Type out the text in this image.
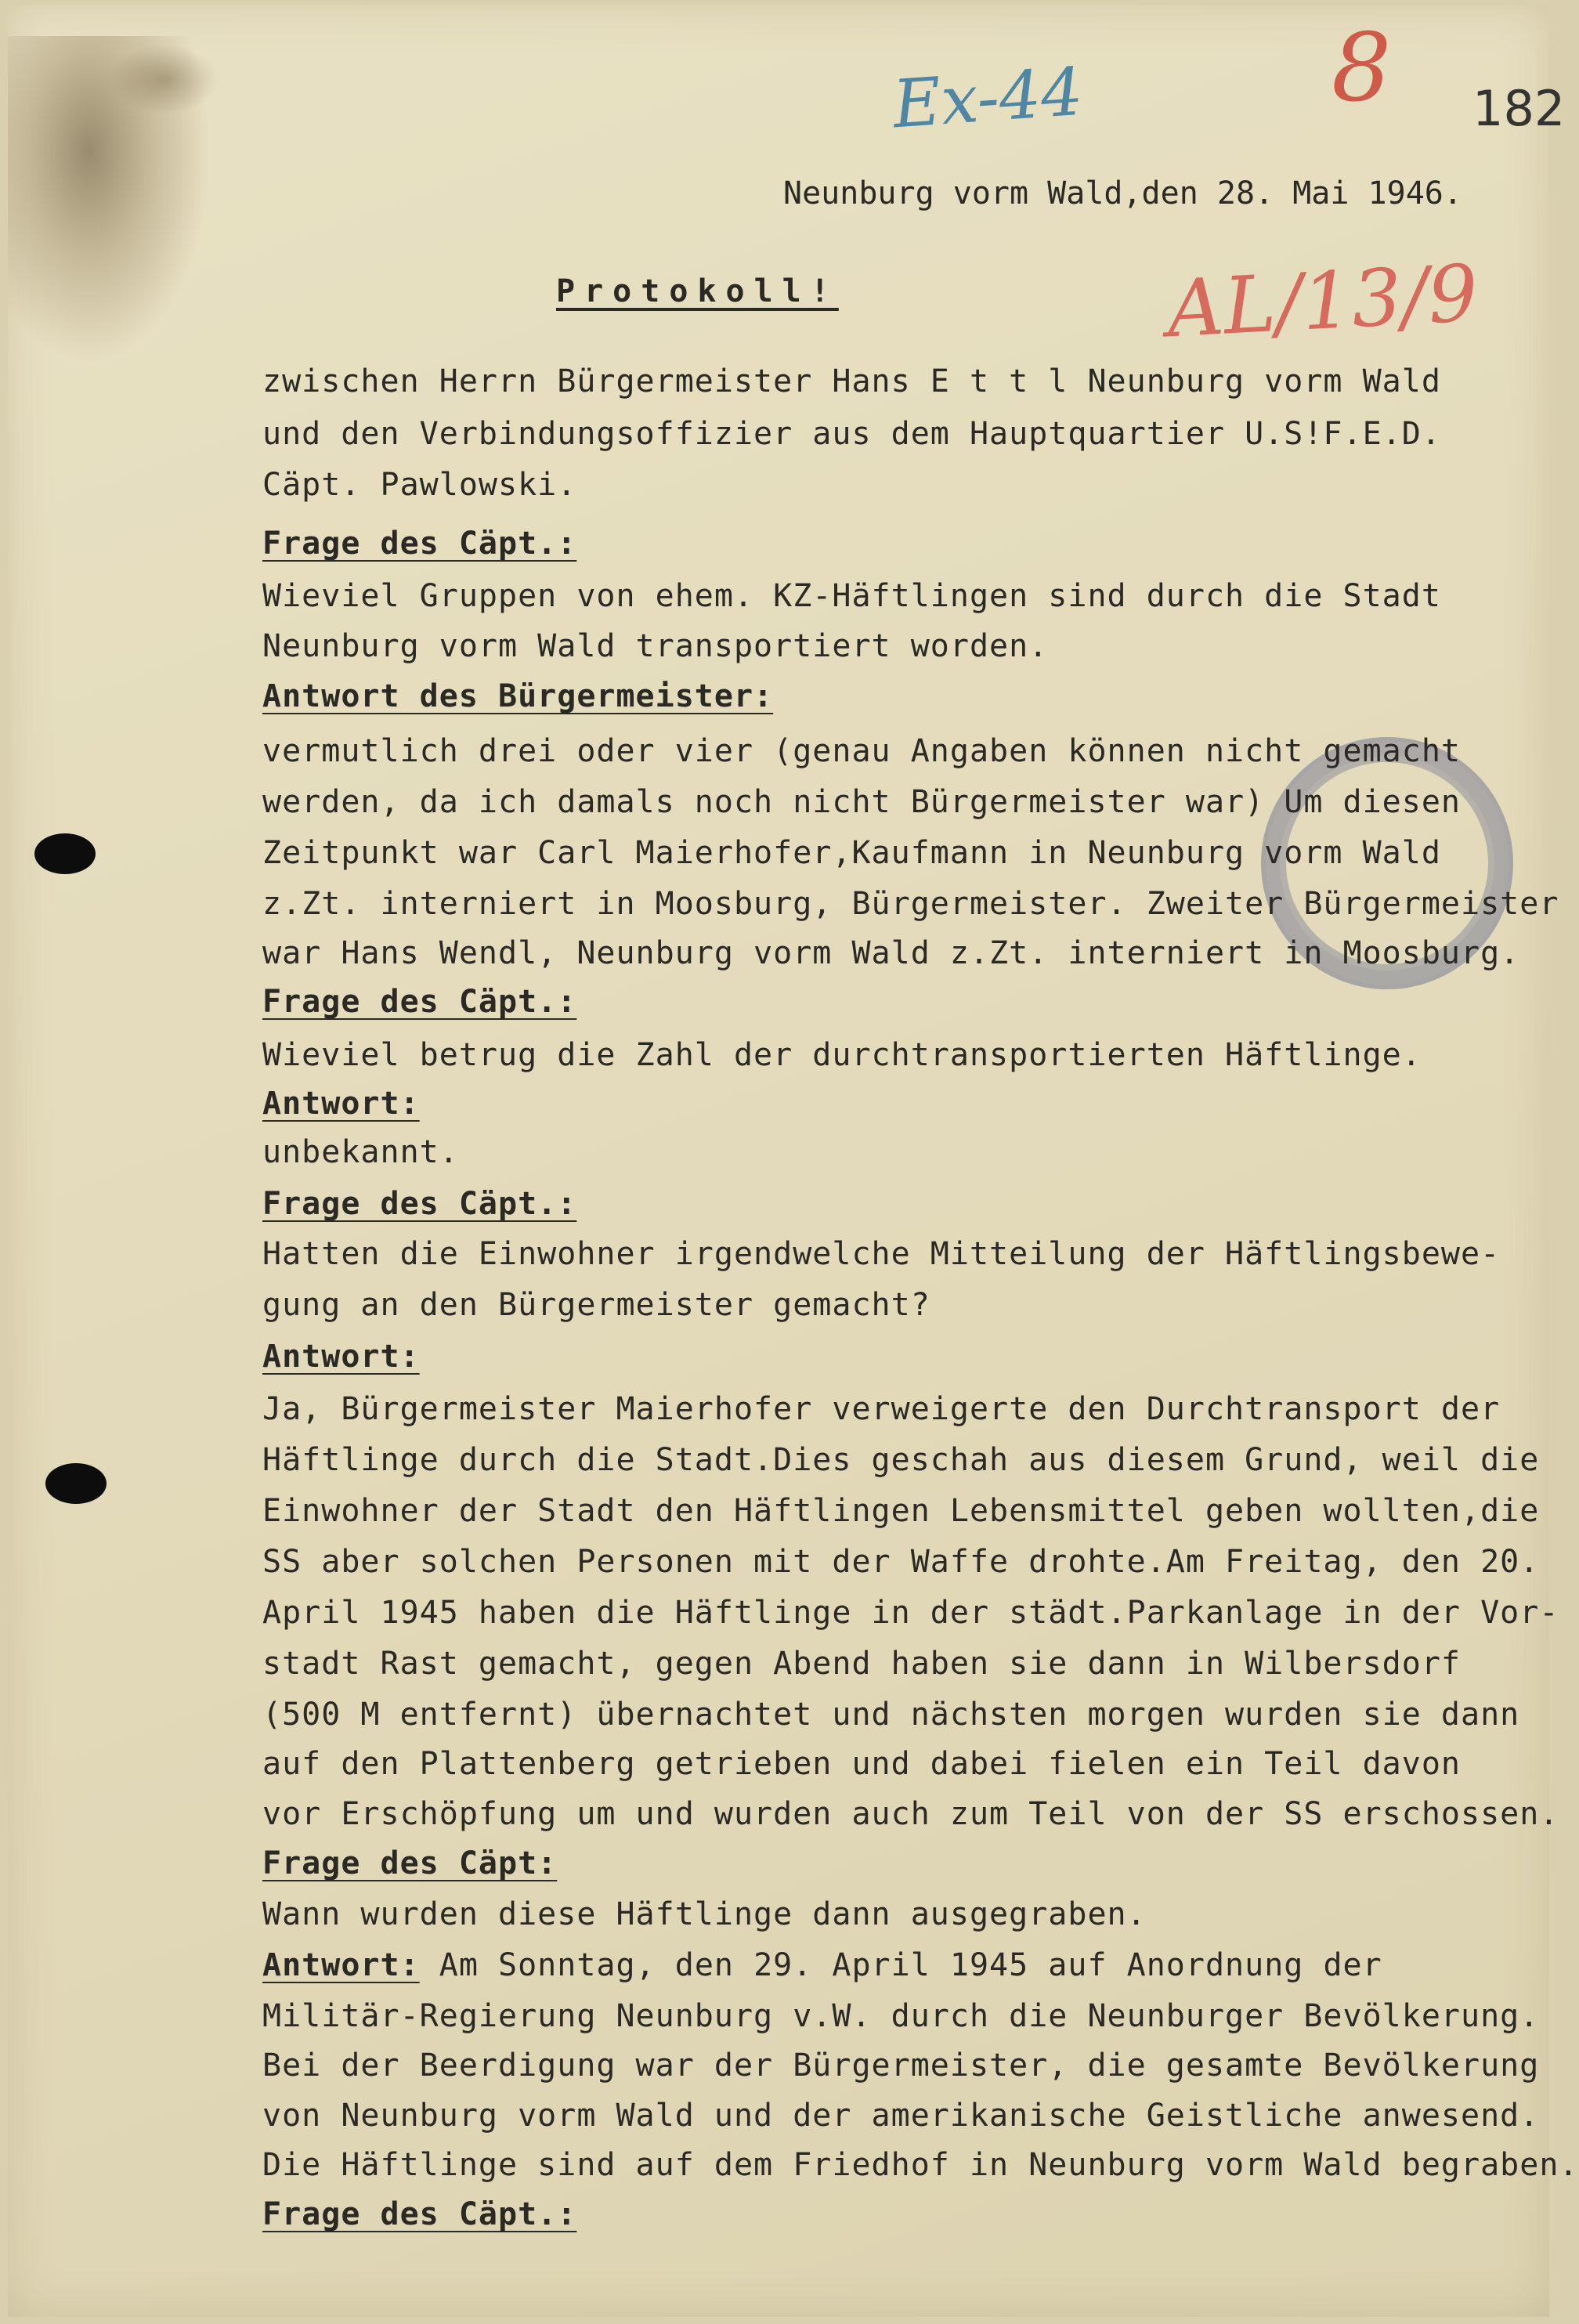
Ex-44	8 182
AL/13/9
Neunburg vorm Wald,den 28. Mai 1946.
Protokoll!
zwischen Herrn Bürgermeister Hans E t t l Neunburg vorm Wald
und den Verbindungsoffizier aus dem Hauptquartier U.S!F.E.D.
Cäpt. Pawlowski.
Frage des Cäpt.:
Wieviel Gruppen von ehem. KZ-Häftlingen sind durch die Stadt
Neunburg vorm Wald transportiert worden.
Antwort des Bürgermeister:
vermutlich drei oder vier (genau Angaben können nicht gemacht
werden, da ich damals noch nicht Bürgermeister war) Um diesen
Zeitpunkt war Carl Maierhofer,Kaufmann in Neunburg vorm Wald
z.Zt. interniert in Moosburg, Bürgermeister. Zweiter Bürgermeister
war Hans Wendl, Neunburg vorm Wald z.Zt. interniert in Moosburg.
Frage des Cäpt.:
Wieviel betrug die Zahl der durchtransportierten Häftlinge.
Antwort:
unbekannt.
Frage des Cäpt.:
Hatten die Einwohner irgendwelche Mitteilung der Häftlingsbewe-
gung an den Bürgermeister gemacht?
Antwort:
Ja, Bürgermeister Maierhofer verweigerte den Durchtransport der
Häftlinge durch die Stadt.Dies geschah aus diesem Grund, weil die
Einwohner der Stadt den Häftlingen Lebensmittel geben wollten,die
SS aber solchen Personen mit der Waffe drohte.Am Freitag, den 20.
April 1945 haben die Häftlinge in der städt.Parkanlage in der Vor-
stadt Rast gemacht, gegen Abend haben sie dann in Wilbersdorf
(500 M entfernt) übernachtet und nächsten morgen wurden sie dann
auf den Plattenberg getrieben und dabei fielen ein Teil davon
vor Erschöpfung um und wurden auch zum Teil von der SS erschossen.
Frage des Cäpt:
Wann wurden diese Häftlinge dann ausgegraben.
Antwort: Am Sonntag, den 29. April 1945 auf Anordnung der
Militär-Regierung Neunburg v.W. durch die Neunburger Bevölkerung.
Bei der Beerdigung war der Bürgermeister, die gesamte Bevölkerung
von Neunburg vorm Wald und der amerikanische Geistliche anwesend.
Die Häftlinge sind auf dem Friedhof in Neunburg vorm Wald begraben.
Frage des Cäpt.:
